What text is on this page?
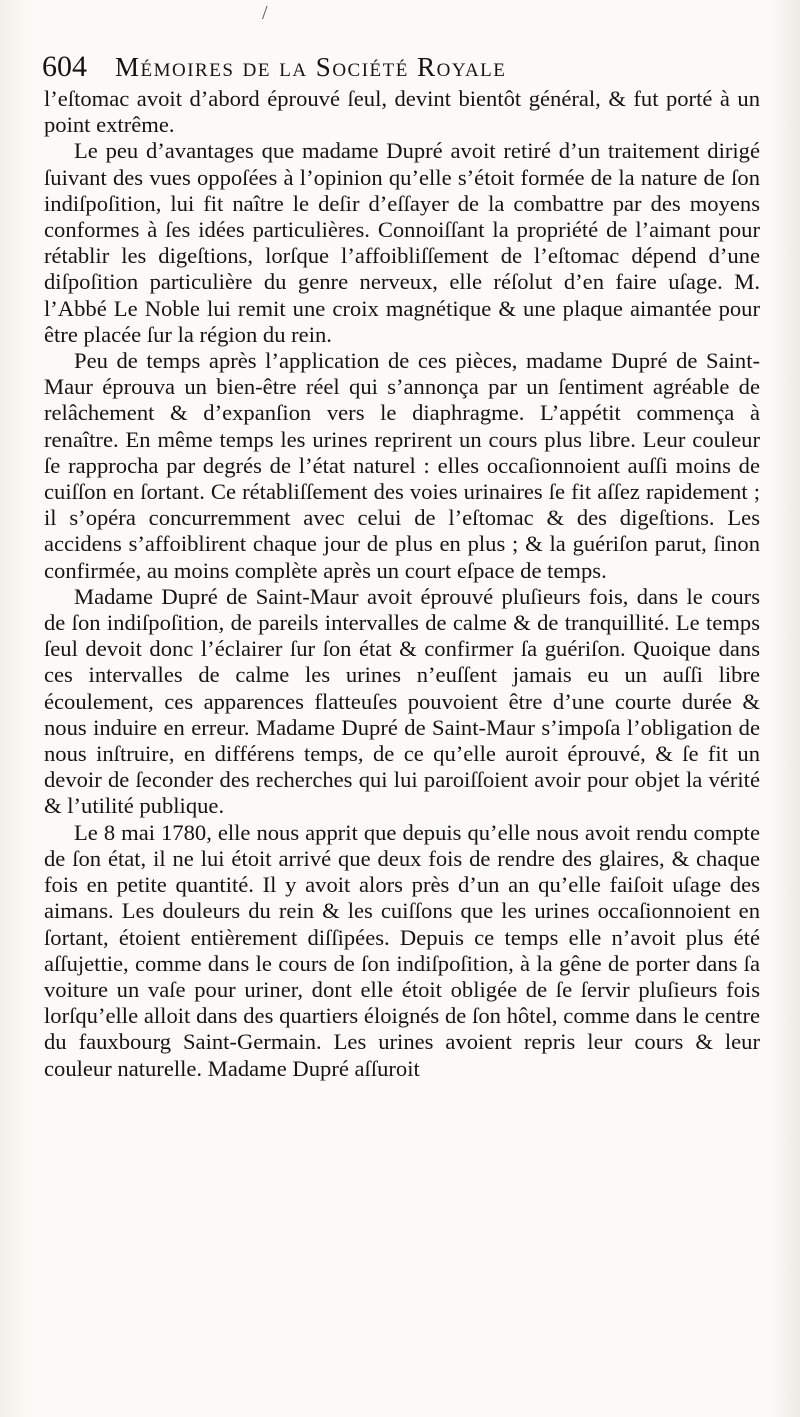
/
604 Mémoires de la Société Royale

l’eſtomac avoit d’abord éprouvé ſeul, devint bientôt général, & fut porté à un point extrême.

Le peu d’avantages que madame Dupré avoit retiré d’un traitement dirigé ſuivant des vues oppoſées à l’opinion qu’elle s’étoit formée de la nature de ſon indiſpoſition, lui fit naître le deſir d’eſſayer de la combattre par des moyens conformes à ſes idées particulières. Connoiſſant la propriété de l’aimant pour rétablir les digeſtions, lorſque l’affoibliſſement de l’eſtomac dépend d’une diſpoſition particulière du genre nerveux, elle réſolut d’en faire uſage. M. l’Abbé Le Noble lui remit une croix magnétique & une plaque aimantée pour être placée ſur la région du rein.

Peu de temps après l’application de ces pièces, madame Dupré de Saint-Maur éprouva un bien-être réel qui s’annonça par un ſentiment agréable de relâchement & d’expanſion vers le diaphragme. L’appétit commença à renaître. En même temps les urines reprirent un cours plus libre. Leur couleur ſe rapprocha par degrés de l’état naturel : elles occaſionnoient auſſi moins de cuiſſon en ſortant. Ce rétabliſſement des voies urinaires ſe fit aſſez rapidement ; il s’opéra concurremment avec celui de l’eſtomac & des digeſtions. Les accidens s’affoiblirent chaque jour de plus en plus ; & la guériſon parut, ſinon confirmée, au moins complète après un court eſpace de temps.

Madame Dupré de Saint-Maur avoit éprouvé pluſieurs fois, dans le cours de ſon indiſpoſition, de pareils intervalles de calme & de tranquillité. Le temps ſeul devoit donc l’éclairer ſur ſon état & confirmer ſa guériſon. Quoique dans ces intervalles de calme les urines n’euſſent jamais eu un auſſi libre écoulement, ces apparences flatteuſes pouvoient être d’une courte durée & nous induire en erreur. Madame Dupré de Saint-Maur s’impoſa l’obligation de nous inſtruire, en différens temps, de ce qu’elle auroit éprouvé, & ſe fit un devoir de ſeconder des recherches qui lui paroiſſoient avoir pour objet la vérité & l’utilité publique.

Le 8 mai 1780, elle nous apprit que depuis qu’elle nous avoit rendu compte de ſon état, il ne lui étoit arrivé que deux fois de rendre des glaires, & chaque fois en petite quantité. Il y avoit alors près d’un an qu’elle faiſoit uſage des aimans. Les douleurs du rein & les cuiſſons que les urines occaſionnoient en ſortant, étoient entièrement diſſipées. Depuis ce temps elle n’avoit plus été aſſujettie, comme dans le cours de ſon indiſpoſition, à la gêne de porter dans ſa voiture un vaſe pour uriner, dont elle étoit obligée de ſe ſervir pluſieurs fois lorſqu’elle alloit dans des quartiers éloignés de ſon hôtel, comme dans le centre du fauxbourg Saint-Germain. Les urines avoient repris leur cours & leur couleur naturelle. Madame Dupré aſſuroit
